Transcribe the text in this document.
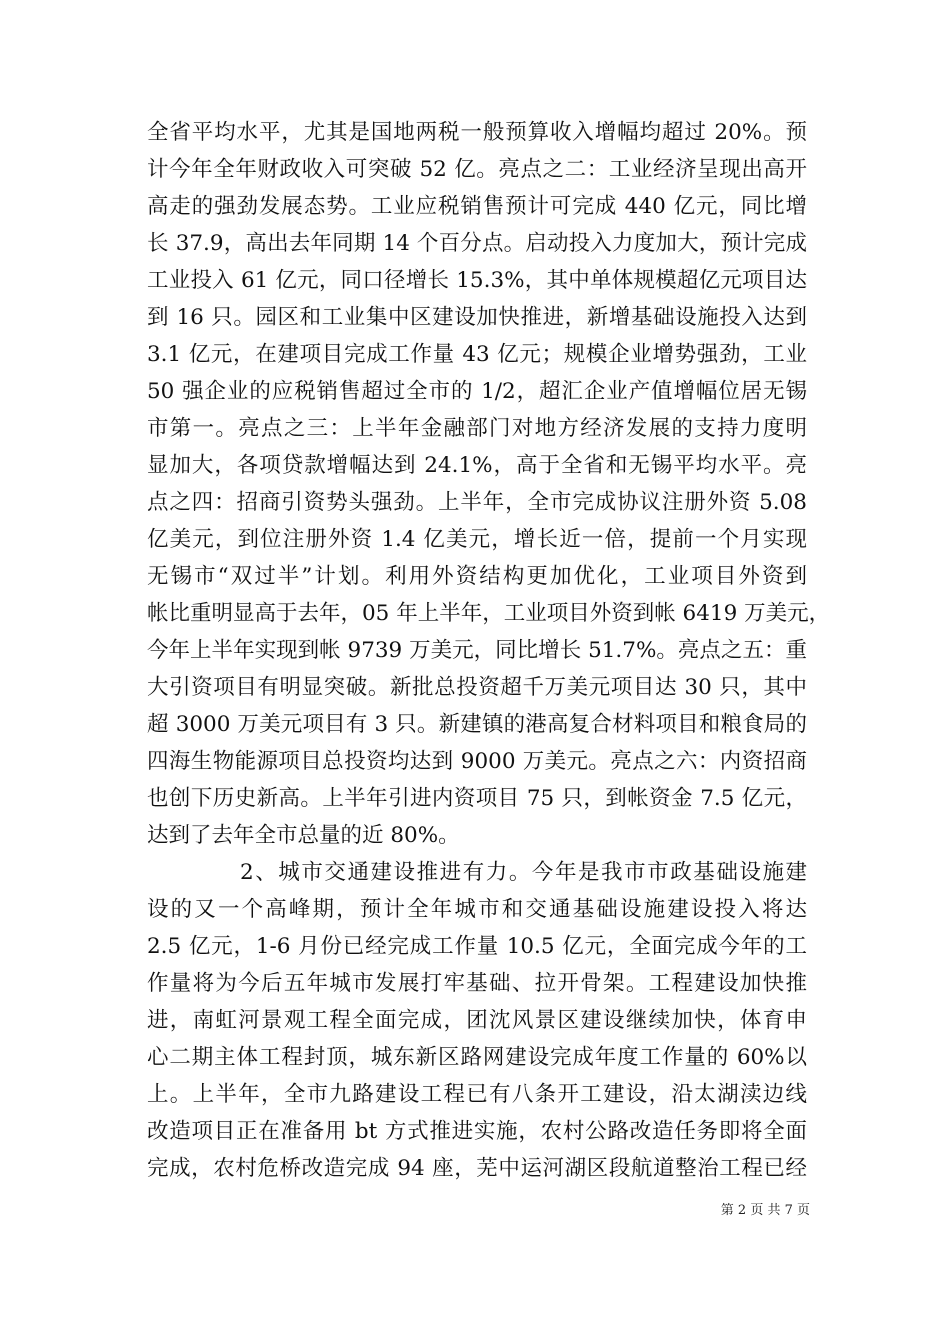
全省平均水平，尤其是国地两税一般预算收入增幅均超过 20%。预
计今年全年财政收入可突破 52 亿。亮点之二：工业经济呈现出高开
高走的强劲发展态势。工业应税销售预计可完成 440 亿元，同比增
长 37.9，高出去年同期 14 个百分点。启动投入力度加大，预计完成
工业投入 61 亿元，同口径增长 15.3%，其中单体规模超亿元项目达
到 16 只。园区和工业集中区建设加快推进，新增基础设施投入达到
3.1 亿元，在建项目完成工作量 43 亿元；规模企业增势强劲，工业
50 强企业的应税销售超过全市的 1/2，超汇企业产值增幅位居无锡
市第一。亮点之三：上半年金融部门对地方经济发展的支持力度明
显加大，各项贷款增幅达到 24.1%，高于全省和无锡平均水平。亮
点之四：招商引资势头强劲。上半年，全市完成协议注册外资 5.08
亿美元，到位注册外资 1.4 亿美元，增长近一倍，提前一个月实现
无锡市“双过半”计划。利用外资结构更加优化，工业项目外资到
帐比重明显高于去年，05 年上半年，工业项目外资到帐 6419 万美元，
今年上半年实现到帐 9739 万美元，同比增长 51.7%。亮点之五：重
大引资项目有明显突破。新批总投资超千万美元项目达 30 只，其中
超 3000 万美元项目有 3 只。新建镇的港高复合材料项目和粮食局的
四海生物能源项目总投资均达到 9000 万美元。亮点之六：内资招商
也创下历史新高。上半年引进内资项目 75 只，到帐资金 7.5 亿元，
达到了去年全市总量的近 80%。
2、城市交通建设推进有力。今年是我市市政基础设施建
设的又一个高峰期，预计全年城市和交通基础设施建设投入将达
2.5 亿元，1-6 月份已经完成工作量 10.5 亿元，全面完成今年的工
作量将为今后五年城市发展打牢基础、拉开骨架。工程建设加快推
进，南虹河景观工程全面完成，团沈风景区建设继续加快，体育申
心二期主体工程封顶，城东新区路网建设完成年度工作量的 60%以
上。上半年，全市九路建设工程已有八条开工建设，沿太湖渎边线
改造项目正在准备用 bt 方式推进实施，农村公路改造任务即将全面
完成，农村危桥改造完成 94 座，芜中运河湖区段航道整治工程已经
第 2 页 共 7 页
